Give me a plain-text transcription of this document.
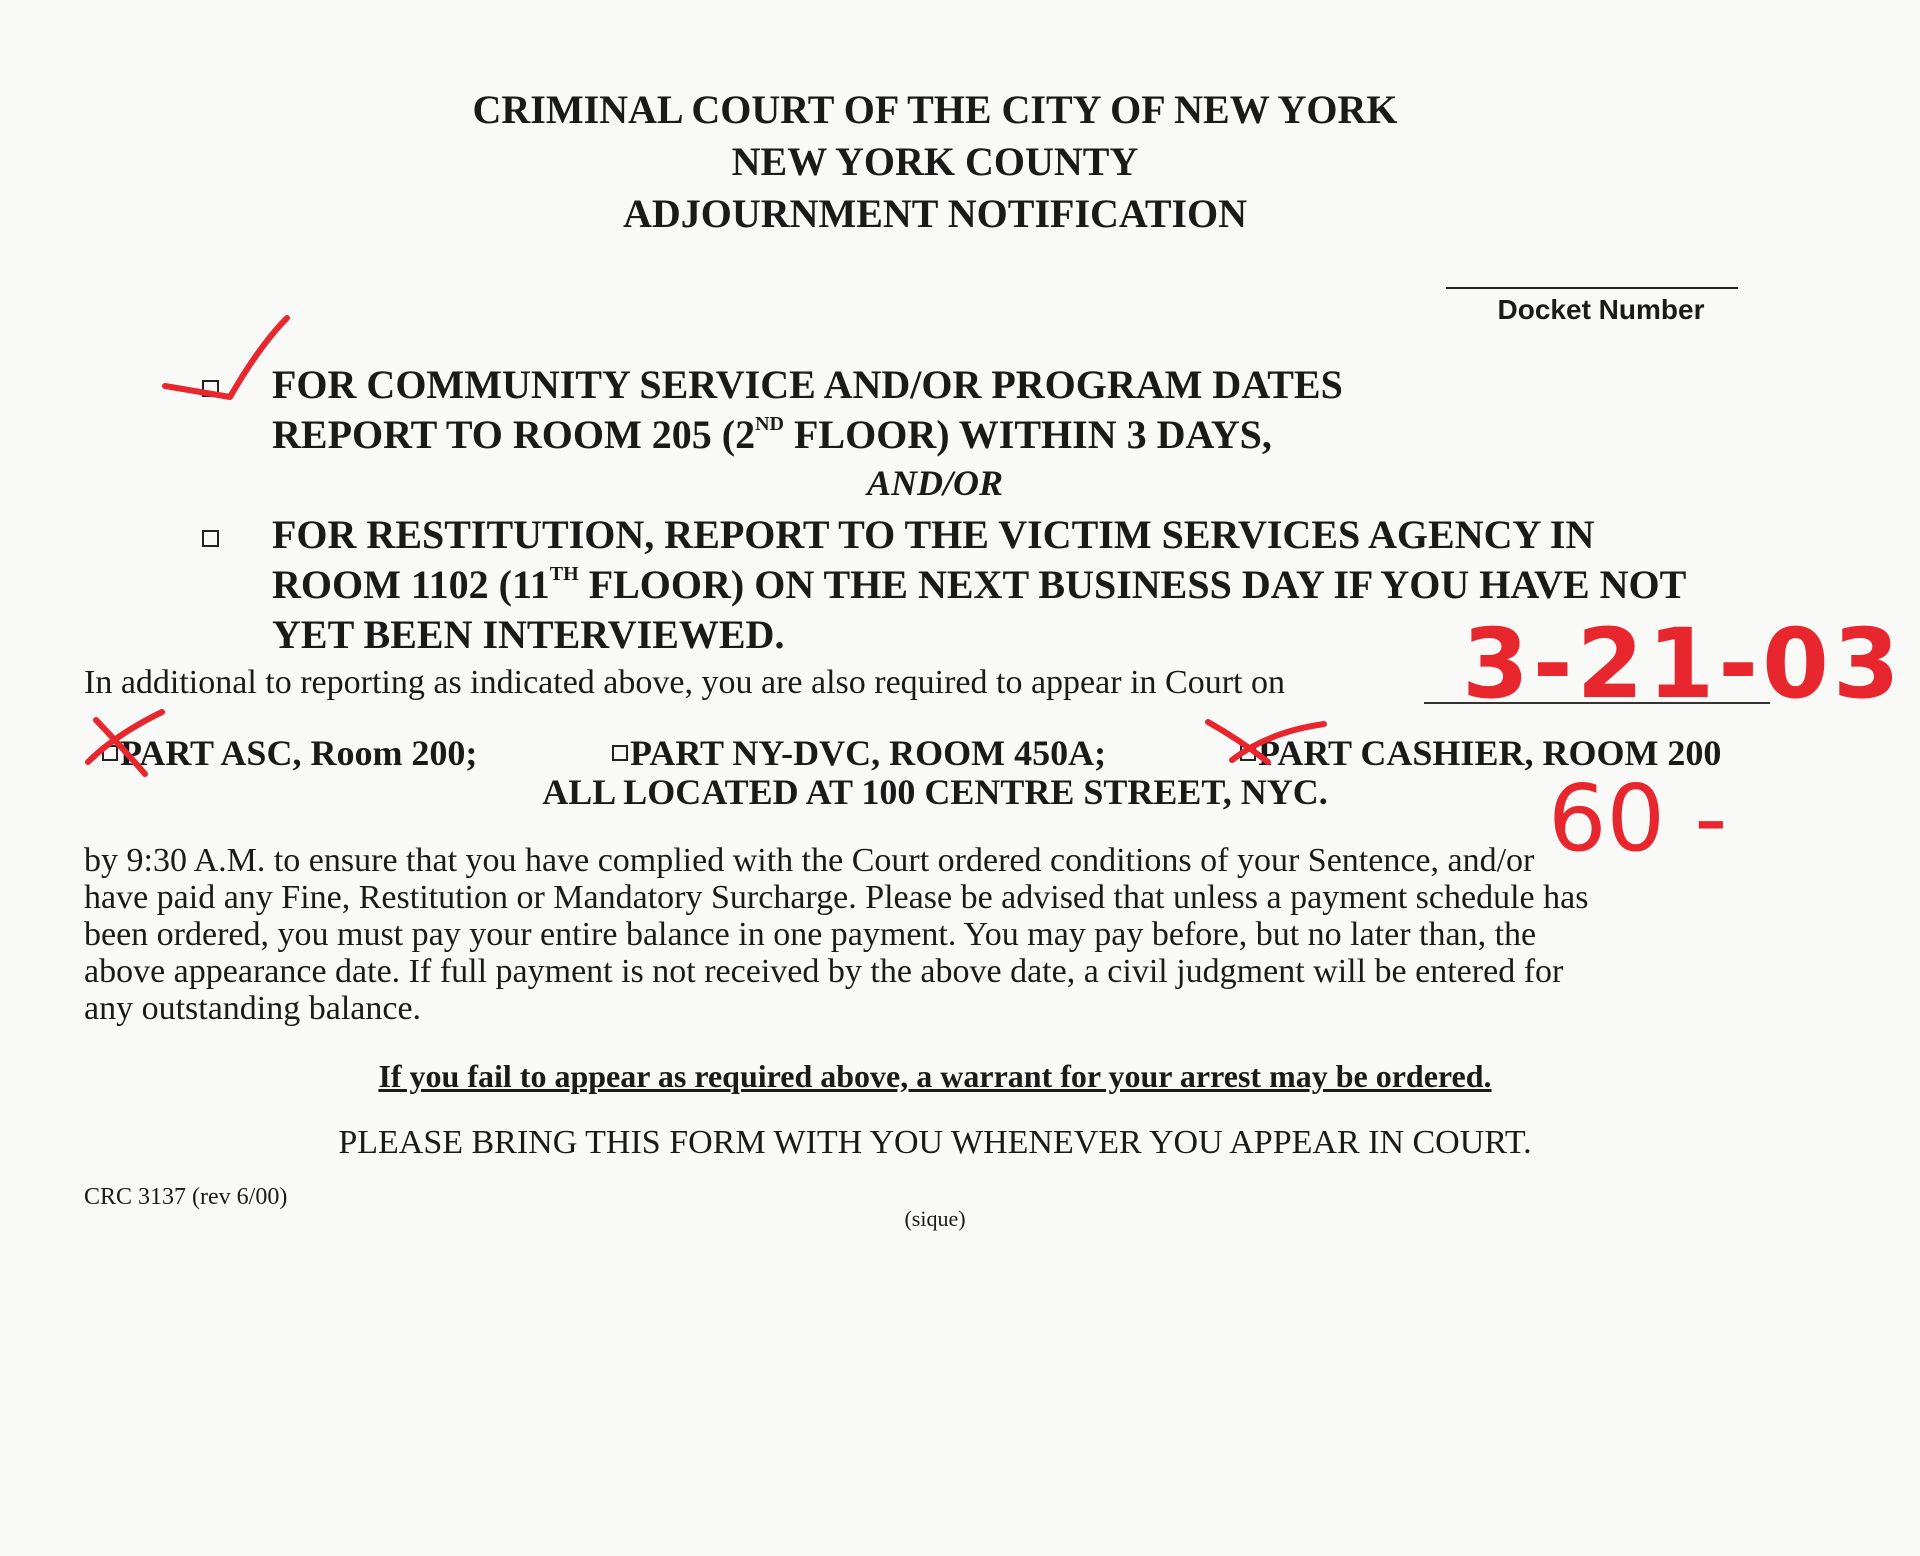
CRIMINAL COURT OF THE CITY OF NEW YORK
NEW YORK COUNTY
ADJOURNMENT NOTIFICATION
Docket Number
FOR COMMUNITY SERVICE AND/OR PROGRAM DATES
REPORT TO ROOM 205 (2ND FLOOR) WITHIN 3 DAYS,
AND/OR
FOR RESTITUTION, REPORT TO THE VICTIM SERVICES AGENCY IN
ROOM 1102 (11TH FLOOR) ON THE NEXT BUSINESS DAY IF YOU HAVE NOT
YET BEEN INTERVIEWED.
In additional to reporting as indicated above, you are also required to appear in Court on
PART ASC, Room 200;	PART NY-DVC, ROOM 450A;	PART CASHIER, ROOM 200
ALL LOCATED AT 100 CENTRE STREET, NYC.
by 9:30 A.M. to ensure that you have complied with the Court ordered conditions of your Sentence, and/or
have paid any Fine, Restitution or Mandatory Surcharge. Please be advised that unless a payment schedule has
been ordered, you must pay your entire balance in one payment. You may pay before, but no later than, the
above appearance date. If full payment is not received by the above date, a civil judgment will be entered for
any outstanding balance.
If you fail to appear as required above, a warrant for your arrest may be ordered.
PLEASE BRING THIS FORM WITH YOU WHENEVER YOU APPEAR IN COURT.
CRC 3137 (rev 6/00)
(sique)
3-21-03
60 -
